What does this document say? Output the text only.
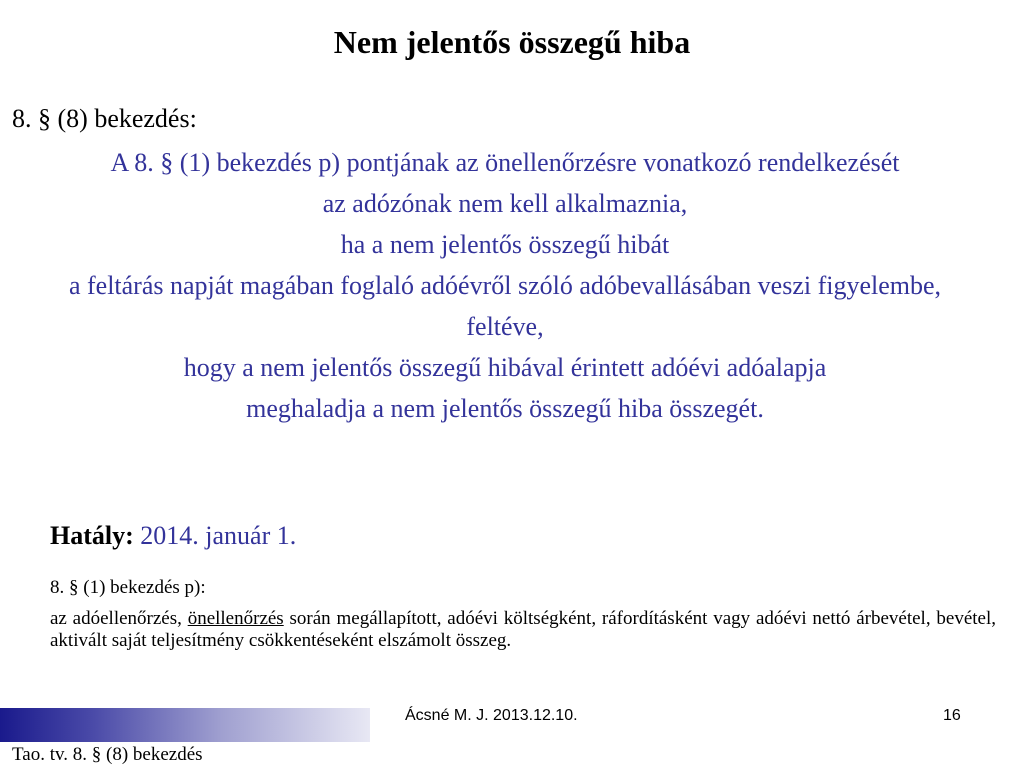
Nem jelentős összegű hiba
8. § (8) bekezdés:
A 8. § (1) bekezdés p) pontjának az önellenőrzésre vonatkozó rendelkezését
az adózónak nem kell alkalmaznia,
ha a nem jelentős összegű hibát
a feltárás napját magában foglaló adóévről szóló adóbevallásában veszi figyelembe,
feltéve,
hogy a nem jelentős összegű hibával érintett adóévi adóalapja
meghaladja a nem jelentős összegű hiba összegét.
Hatály: 2014. január 1.
8. § (1) bekezdés p):
az adóellenőrzés, önellenőrzés során megállapított, adóévi költségként, ráfordításként vagy adóévi nettó árbevétel, bevétel, aktivált saját teljesítmény csökkentéseként elszámolt összeg.
Ácsné M. J. 2013.12.10.	16
Tao. tv. 8. § (8) bekezdés
